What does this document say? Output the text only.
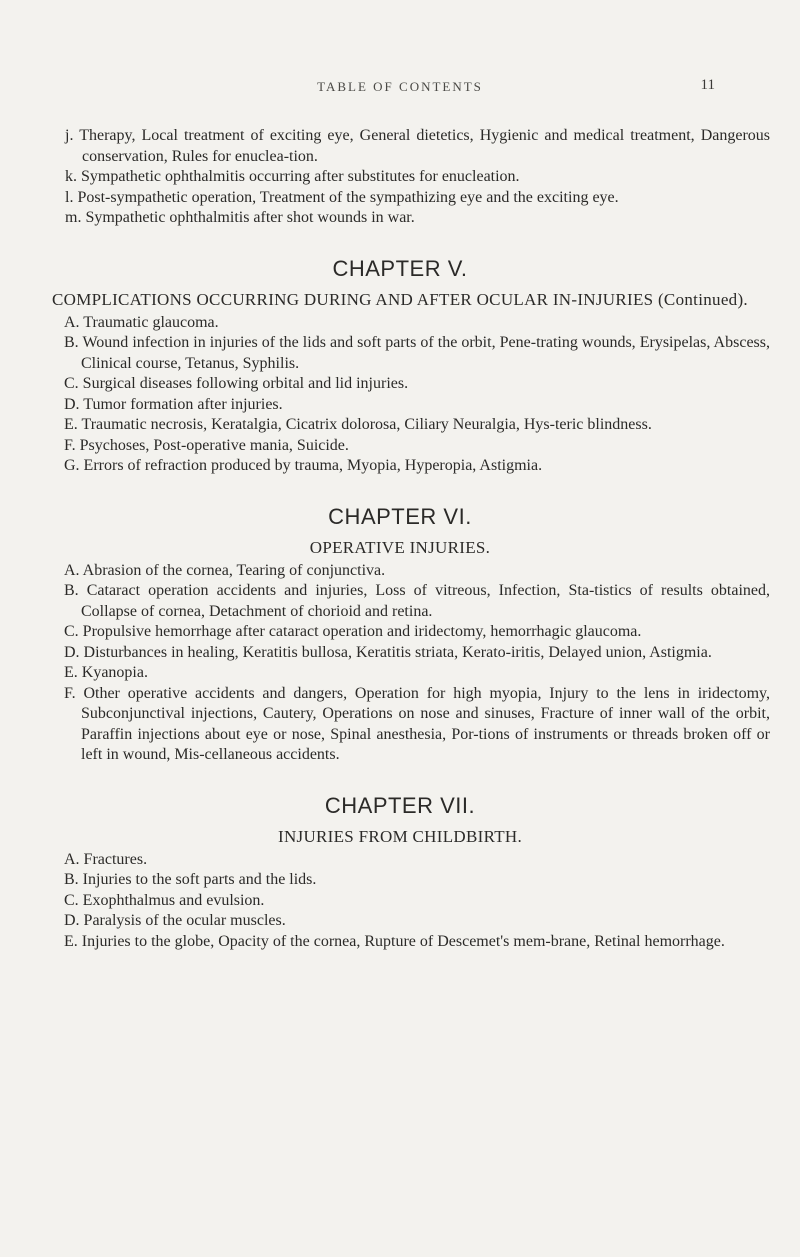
TABLE OF CONTENTS	11
j. Therapy, Local treatment of exciting eye, General dietetics, Hygienic and medical treatment, Dangerous conservation, Rules for enuclea-tion.
k. Sympathetic ophthalmitis occurring after substitutes for enucleation.
l. Post-sympathetic operation, Treatment of the sympathizing eye and the exciting eye.
m. Sympathetic ophthalmitis after shot wounds in war.
CHAPTER V.
COMPLICATIONS OCCURRING DURING AND AFTER OCULAR IN-INJURIES (Continued).
A. Traumatic glaucoma.
B. Wound infection in injuries of the lids and soft parts of the orbit, Pene-trating wounds, Erysipelas, Abscess, Clinical course, Tetanus, Syphilis.
C. Surgical diseases following orbital and lid injuries.
D. Tumor formation after injuries.
E. Traumatic necrosis, Keratalgia, Cicatrix dolorosa, Ciliary Neuralgia, Hys-teric blindness.
F. Psychoses, Post-operative mania, Suicide.
G. Errors of refraction produced by trauma, Myopia, Hyperopia, Astigmia.
CHAPTER VI.
OPERATIVE INJURIES.
A. Abrasion of the cornea, Tearing of conjunctiva.
B. Cataract operation accidents and injuries, Loss of vitreous, Infection, Sta-tistics of results obtained, Collapse of cornea, Detachment of chorioid and retina.
C. Propulsive hemorrhage after cataract operation and iridectomy, hemorrhagic glaucoma.
D. Disturbances in healing, Keratitis bullosa, Keratitis striata, Kerato-iritis, Delayed union, Astigmia.
E. Kyanopia.
F. Other operative accidents and dangers, Operation for high myopia, Injury to the lens in iridectomy, Subconjunctival injections, Cautery, Operations on nose and sinuses, Fracture of inner wall of the orbit, Paraffin injections about eye or nose, Spinal anesthesia, Por-tions of instruments or threads broken off or left in wound, Mis-cellaneous accidents.
CHAPTER VII.
INJURIES FROM CHILDBIRTH.
A. Fractures.
B. Injuries to the soft parts and the lids.
C. Exophthalmus and evulsion.
D. Paralysis of the ocular muscles.
E. Injuries to the globe, Opacity of the cornea, Rupture of Descemet's mem-brane, Retinal hemorrhage.
